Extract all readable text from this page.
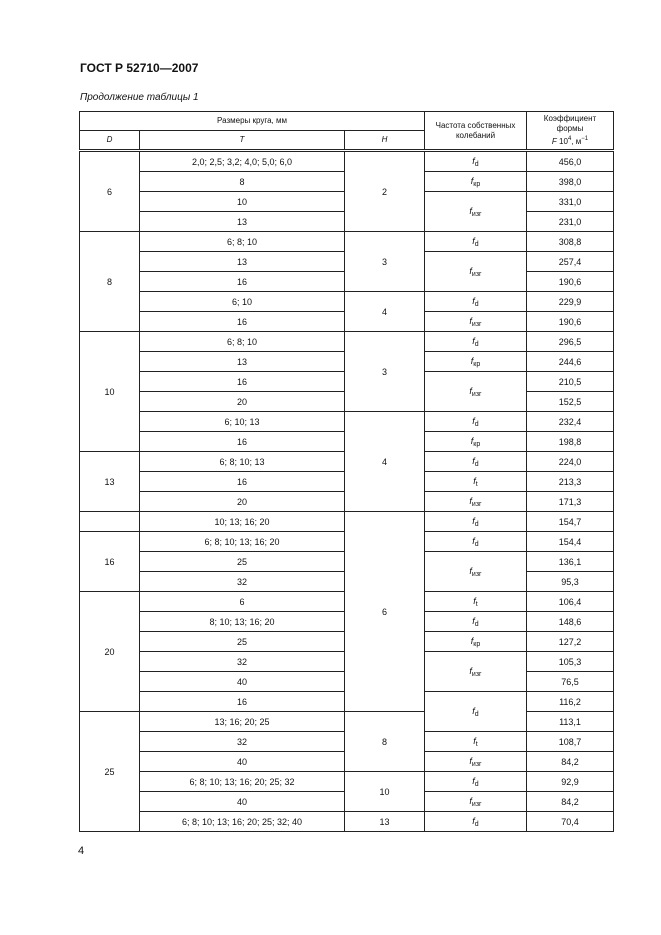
ГОСТ Р 52710—2007
Продолжение таблицы 1
Размеры круга, мм			Частота собственных колебаний	Коэффициент
формы
F $10^4$, $м^{-1}$
D	T	H		

6	2,0; 2,5; 3,2; 4,0; 5,0; 6,0	2	$f_d$	456,0
	8		$f_{кр}$	398,0
	10		$f_{изг}$	331,0
	13			231,0
8	6; 8; 10	3	$f_d$	308,8
	13		$f_{изг}$	257,4
	16			190,6
	6; 10	4	$f_d$	229,9
	16		$f_{изг}$	190,6
10	6; 8; 10	3	$f_d$	296,5
	13		$f_{кр}$	244,6
	16		$f_{изг}$	210,5
	20			152,5
	6; 10; 13	4	$f_d$	232,4
	16		$f_{кр}$	198,8
13	6; 8; 10; 13		$f_d$	224,0
	16		$f_t$	213,3
	20		$f_{изг}$	171,3
	10; 13; 16; 20	6	$f_d$	154,7
16	6; 8; 10; 13; 16; 20		$f_d$	154,4
	25		$f_{изг}$	136,1
	32			95,3
20	6		$f_t$	106,4
	8; 10; 13; 16; 20		$f_d$	148,6
	25		$f_{кр}$	127,2
	32		$f_{изг}$	105,3
	40			76,5
	16		$f_d$	116,2
25	13; 16; 20; 25	8		113,1
	32		$f_t$	108,7
	40		$f_{изг}$	84,2
	6; 8; 10; 13; 16; 20; 25; 32	10	$f_d$	92,9
	40		$f_{изг}$	84,2
	6; 8; 10; 13; 16; 20; 25; 32; 40	13	$f_d$	70,4
4
